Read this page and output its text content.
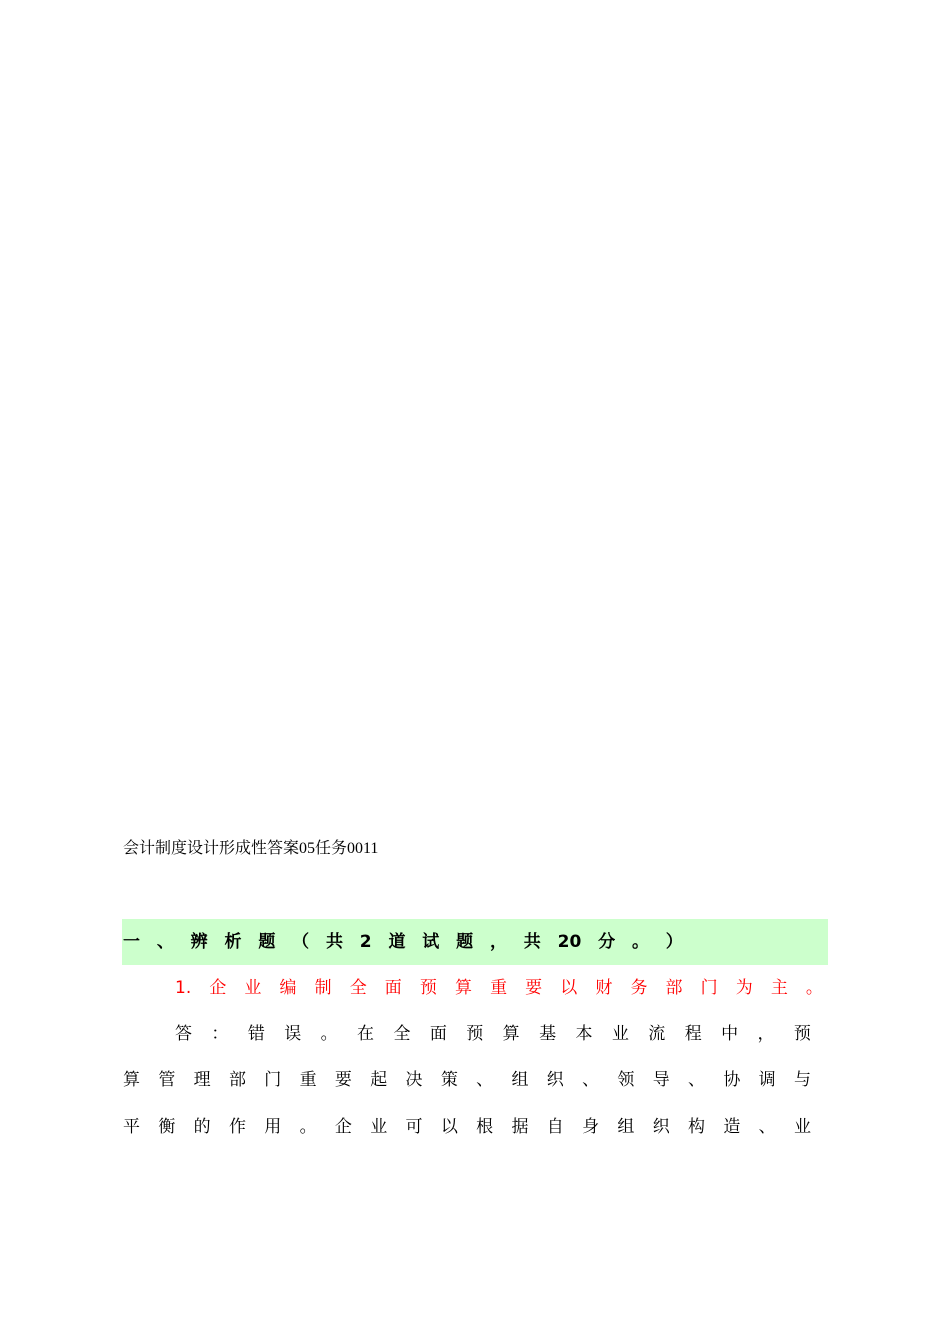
会计制度设计形成性答案05任务0011
一 、 辨 析 题 （ 共 2 道 试 题 ， 共 20 分 。 ）
1. 企 业 编 制 全 面 预 算 重 要 以 财 务 部 门 为 主 。
答 ： 错 误 。 在 全 面 预 算 基 本 业 流 程 中 ， 预
算 管 理 部 门 重 要 起 决 策 、 组 织 、 领 导 、 协 调 与
平 衡 的 作 用 。 企 业 可 以 根 据 自 身 组 织 构 造 、 业
